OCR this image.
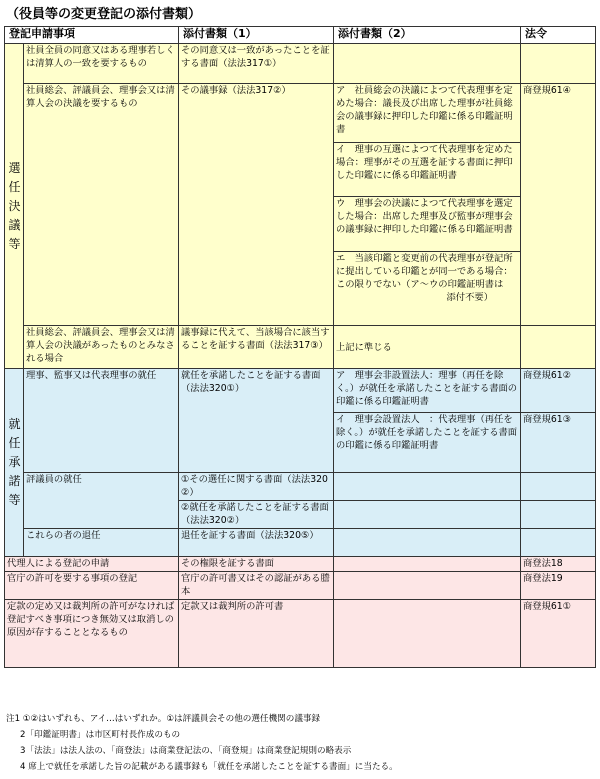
（役員等の変更登記の添付書類）
登記申請事項		添付書類（1）	添付書類（2）	法令
選任決議等	社員全員の同意又はある理事若しくは清算人の一致を要するもの	その同意又は一致があったことを証する書面（法法317①）		
	社員総会、評議員会、理事会又は清算人会の決議を要するもの	その議事録（法法317②）	ア　社員総会の決議によつて代表理事を定めた場合：議長及び出席した理事が社員総会の議事録に押印した印鑑に係る印鑑証明書	商登規61④
			イ　理事の互選によつて代表理事を定めた場合：理事がその互選を証する書面に押印した印鑑にに係る印鑑証明書	
			ウ　理事会の決議によつて代表理事を選定した場合：出席した理事及び監事が理事会の議事録に押印した印鑑に係る印鑑証明書	
			エ　当該印鑑と変更前の代表理事が登記所に提出している印鑑とが同一である場合：この限りでない（ア～ウの印鑑証明書は
添付不要）	

	社員総会、評議員会、理事会又は清算人会の決議があったものとみなされる場合	議事録に代えて、当該場合に該当することを証する書面（法法317③）	上記に準じる	

就任承諾等	理事、監事又は代表理事の就任	就任を承諾したことを証する書面（法法320①）	ア　理事会非設置法人：理事（再任を除く。）が就任を承諾したことを証する書面の印鑑に係る印鑑証明書	商登規61②
			イ　理事会設置法人　：代表理事（再任を除く。）が就任を承諾したことを証する書面の印鑑に係る印鑑証明書	商登規61③
	評議員の就任	①その選任に関する書面（法法320②）		
		②就任を承諾したことを証する書面（法法320②）		
	これらの者の退任	退任を証する書面（法法320⑤）		
代理人による登記の申請		その権限を証する書面		商登法18
官庁の許可を要する事項の登記		官庁の許可書又はその認証がある謄本		商登法19
定款の定め又は裁判所の許可がなければ登記すべき事項につき無効又は取消しの原因が存することとなるもの		定款又は裁判所の許可書		商登規61①
注1 ①②はいずれも、アイ…はいずれか。①は評議員会その他の選任機関の議事録
2「印鑑証明書」は市区町村長作成のもの
3「法法」は法人法の、「商登法」は商業登記法の、「商登規」は商業登記規則の略表示
4 席上で就任を承諾した旨の記載がある議事録も「就任を承諾したことを証する書面」に当たる。
